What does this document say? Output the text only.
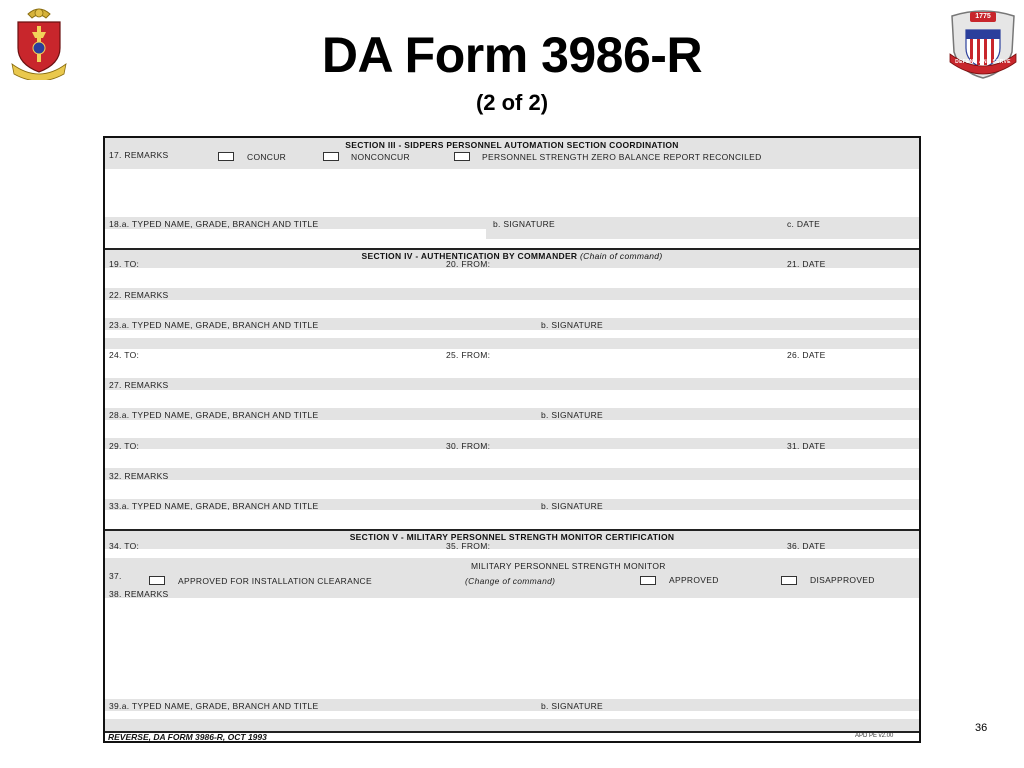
1775
DEFEND AND SERVE
DA Form 3986-R
(2 of 2)
36
SECTION III - SIDPERS PERSONNEL AUTOMATION SECTION COORDINATION
17. REMARKS	CONCUR	NONCONCUR	PERSONNEL STRENGTH ZERO BALANCE REPORT RECONCILED
18.a. TYPED NAME, GRADE, BRANCH AND TITLE	b. SIGNATURE	c. DATE
SECTION IV - AUTHENTICATION BY COMMANDER (Chain of command)
19. TO:	20. FROM:	21. DATE
22. REMARKS
23.a. TYPED NAME, GRADE, BRANCH AND TITLE	b. SIGNATURE
24. TO:	25. FROM:	26. DATE
27. REMARKS
28.a. TYPED NAME, GRADE, BRANCH AND TITLE	b. SIGNATURE
29. TO:	30. FROM:	31. DATE
32. REMARKS
33.a. TYPED NAME, GRADE, BRANCH AND TITLE	b. SIGNATURE
SECTION V - MILITARY PERSONNEL STRENGTH MONITOR CERTIFICATION
34. TO:	35. FROM:	36. DATE
MILITARY PERSONNEL STRENGTH MONITOR
37.	APPROVED FOR INSTALLATION CLEARANCE	(Change of command)	APPROVED	DISAPPROVED
38. REMARKS
39.a. TYPED NAME, GRADE, BRANCH AND TITLE	b. SIGNATURE
REVERSE, DA FORM 3986-R, OCT 1993	APD PE v2.00
